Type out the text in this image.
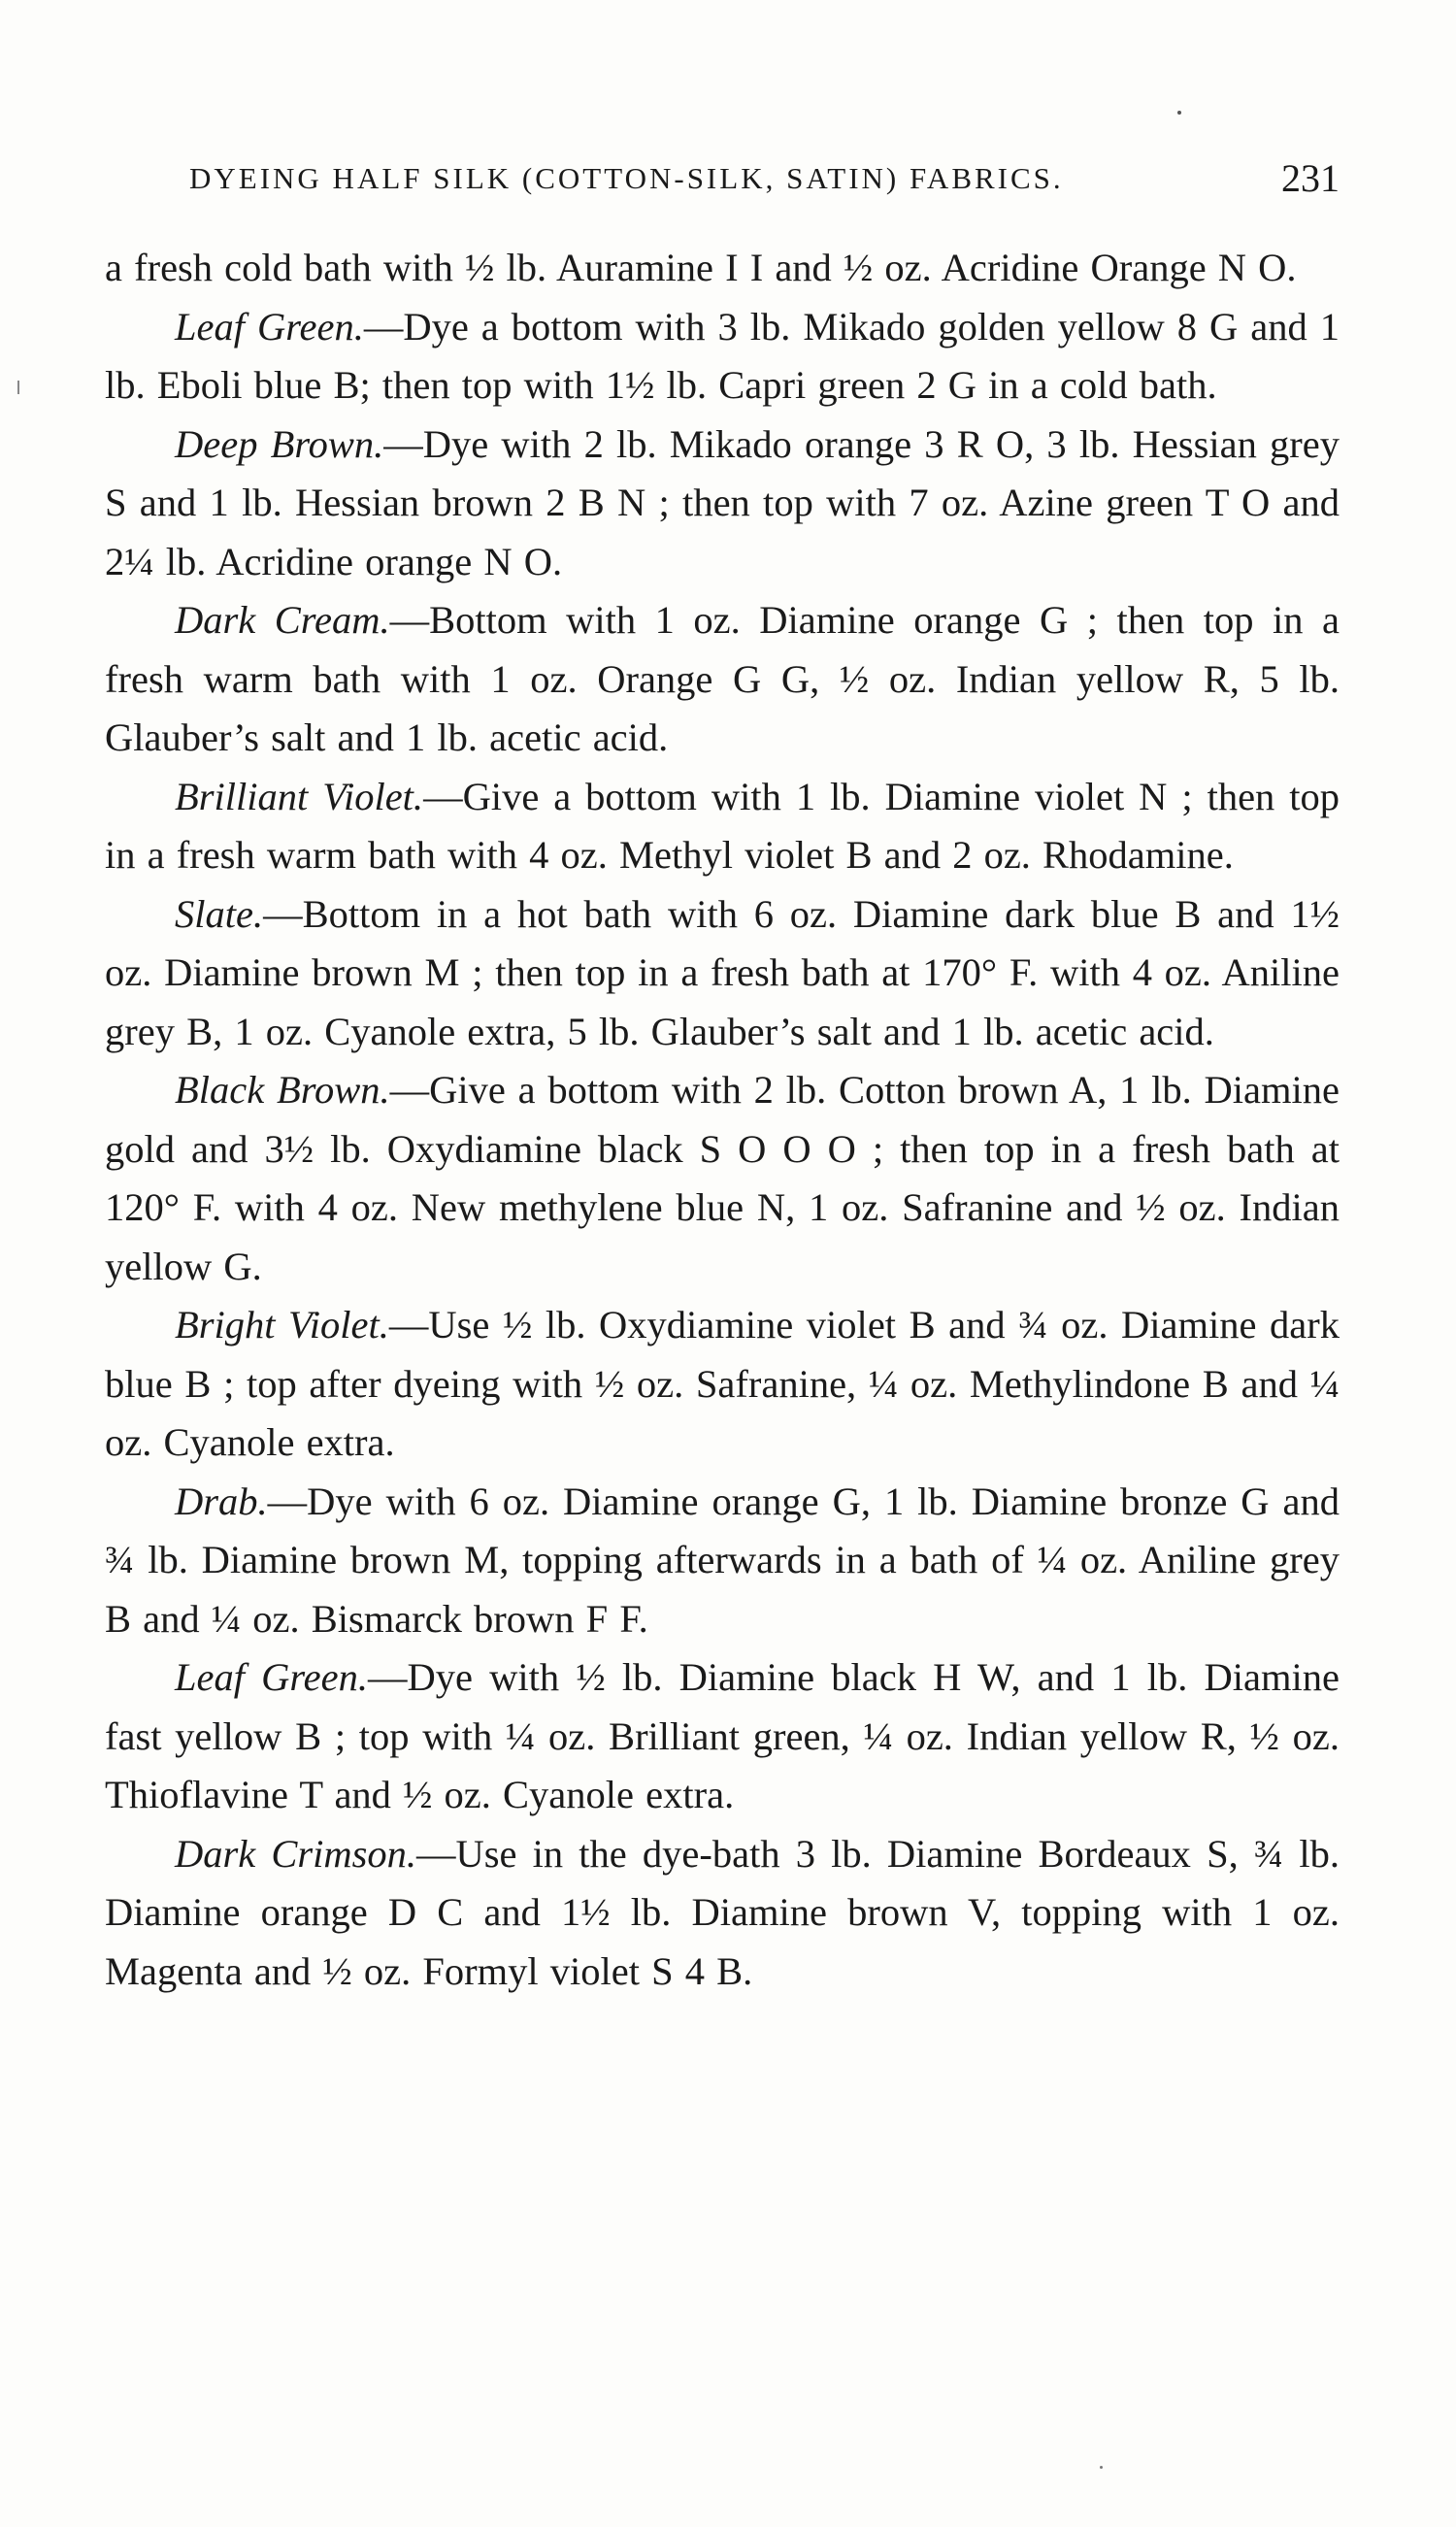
DYEING HALF SILK (COTTON-SILK, SATIN) FABRICS.	231

a fresh cold bath with ½ lb. Auramine I I and ½ oz. Acridine Orange N O.

Leaf Green.—Dye a bottom with 3 lb. Mikado golden yellow 8 G and 1 lb. Eboli blue B; then top with 1½ lb. Capri green 2 G in a cold bath.

Deep Brown.—Dye with 2 lb. Mikado orange 3 R O, 3 lb. Hessian grey S and 1 lb. Hessian brown 2 B N ; then top with 7 oz. Azine green T O and 2¼ lb. Acridine orange N O.

Dark Cream.—Bottom with 1 oz. Diamine orange G ; then top in a fresh warm bath with 1 oz. Orange G G, ½ oz. Indian yellow R, 5 lb. Glauber’s salt and 1 lb. acetic acid.

Brilliant Violet.—Give a bottom with 1 lb. Diamine violet N ; then top in a fresh warm bath with 4 oz. Methyl violet B and 2 oz. Rhodamine.

Slate.—Bottom in a hot bath with 6 oz. Diamine dark blue B and 1½ oz. Diamine brown M ; then top in a fresh bath at 170° F. with 4 oz. Aniline grey B, 1 oz. Cyanole extra, 5 lb. Glauber’s salt and 1 lb. acetic acid.

Black Brown.—Give a bottom with 2 lb. Cotton brown A, 1 lb. Diamine gold and 3½ lb. Oxydiamine black S O O O ; then top in a fresh bath at 120° F. with 4 oz. New methylene blue N, 1 oz. Safranine and ½ oz. Indian yellow G.

Bright Violet.—Use ½ lb. Oxydiamine violet B and ¾ oz. Diamine dark blue B ; top after dyeing with ½ oz. Safranine, ¼ oz. Methylindone B and ¼ oz. Cyanole extra.

Drab.—Dye with 6 oz. Diamine orange G, 1 lb. Diamine bronze G and ¾ lb. Diamine brown M, topping afterwards in a bath of ¼ oz. Aniline grey B and ¼ oz. Bismarck brown F F.

Leaf Green.—Dye with ½ lb. Diamine black H W, and 1 lb. Diamine fast yellow B ; top with ¼ oz. Brilliant green, ¼ oz. Indian yellow R, ½ oz. Thioflavine T and ½ oz. Cyanole extra.

Dark Crimson.—Use in the dye-bath 3 lb. Diamine Bordeaux S, ¾ lb. Diamine orange D C and 1½ lb. Diamine brown V, topping with 1 oz. Magenta and ½ oz. Formyl violet S 4 B.
